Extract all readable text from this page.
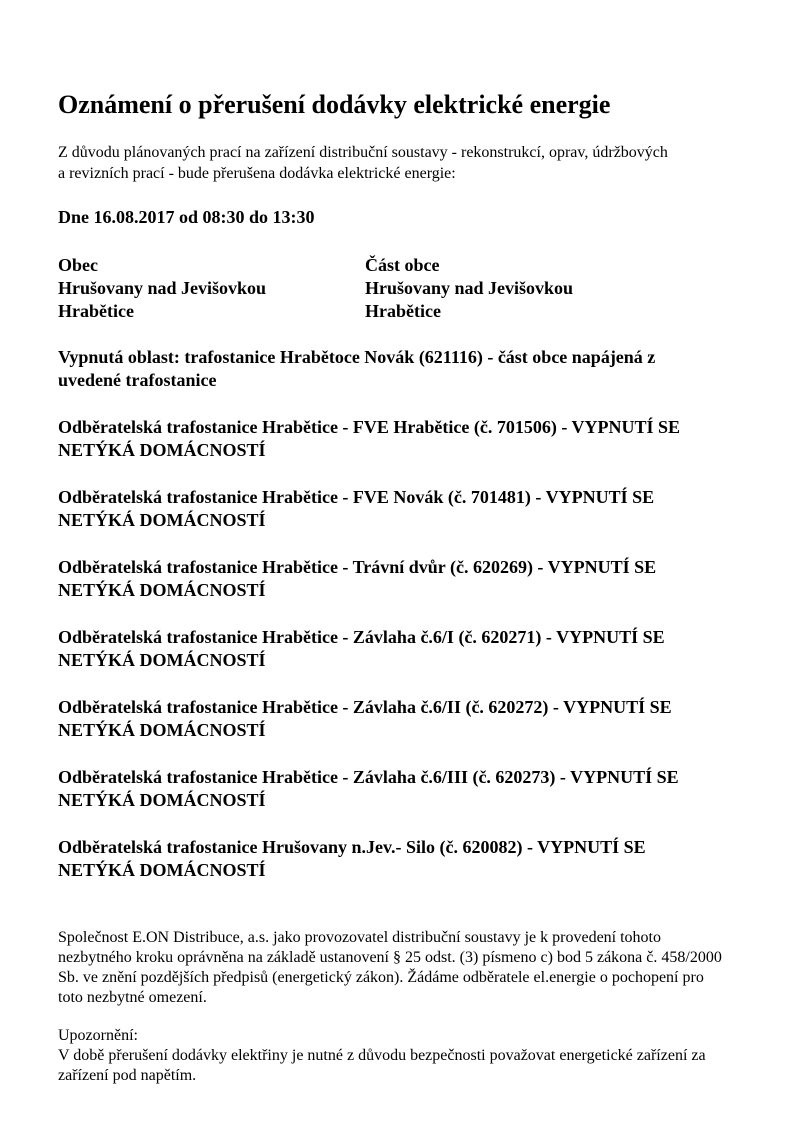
Oznámení o přerušení dodávky elektrické energie
Z důvodu plánovaných prací na zařízení distribuční soustavy - rekonstrukcí, oprav, údržbových
a revizních prací - bude přerušena dodávka elektrické energie:
Dne 16.08.2017 od 08:30 do 13:30
Obec
Hrušovany nad Jevišovkou
Hrabětice
Část obce
Hrušovany nad Jevišovkou
Hrabětice
Vypnutá oblast: trafostanice Hrabětoce Novák (621116) - část obce napájená z
uvedené trafostanice
Odběratelská trafostanice Hrabětice - FVE Hrabětice (č. 701506) - VYPNUTÍ SE
NETÝKÁ DOMÁCNOSTÍ
Odběratelská trafostanice Hrabětice - FVE Novák (č. 701481) - VYPNUTÍ SE
NETÝKÁ DOMÁCNOSTÍ
Odběratelská trafostanice Hrabětice - Trávní dvůr (č. 620269) - VYPNUTÍ SE
NETÝKÁ DOMÁCNOSTÍ
Odběratelská trafostanice Hrabětice - Závlaha č.6/I (č. 620271) - VYPNUTÍ SE
NETÝKÁ DOMÁCNOSTÍ
Odběratelská trafostanice Hrabětice - Závlaha č.6/II (č. 620272) - VYPNUTÍ SE
NETÝKÁ DOMÁCNOSTÍ
Odběratelská trafostanice Hrabětice - Závlaha č.6/III (č. 620273) - VYPNUTÍ SE
NETÝKÁ DOMÁCNOSTÍ
Odběratelská trafostanice Hrušovany n.Jev.- Silo (č. 620082) - VYPNUTÍ SE
NETÝKÁ DOMÁCNOSTÍ
Společnost E.ON Distribuce, a.s. jako provozovatel distribuční soustavy je k provedení tohoto
nezbytného kroku oprávněna na základě ustanovení § 25 odst. (3) písmeno c) bod 5 zákona č. 458/2000
Sb. ve znění pozdějších předpisů (energetický zákon). Žádáme odběratele el.energie o pochopení pro
toto nezbytné omezení.
Upozornění:
V době přerušení dodávky elektřiny je nutné z důvodu bezpečnosti považovat energetické zařízení za
zařízení pod napětím.
